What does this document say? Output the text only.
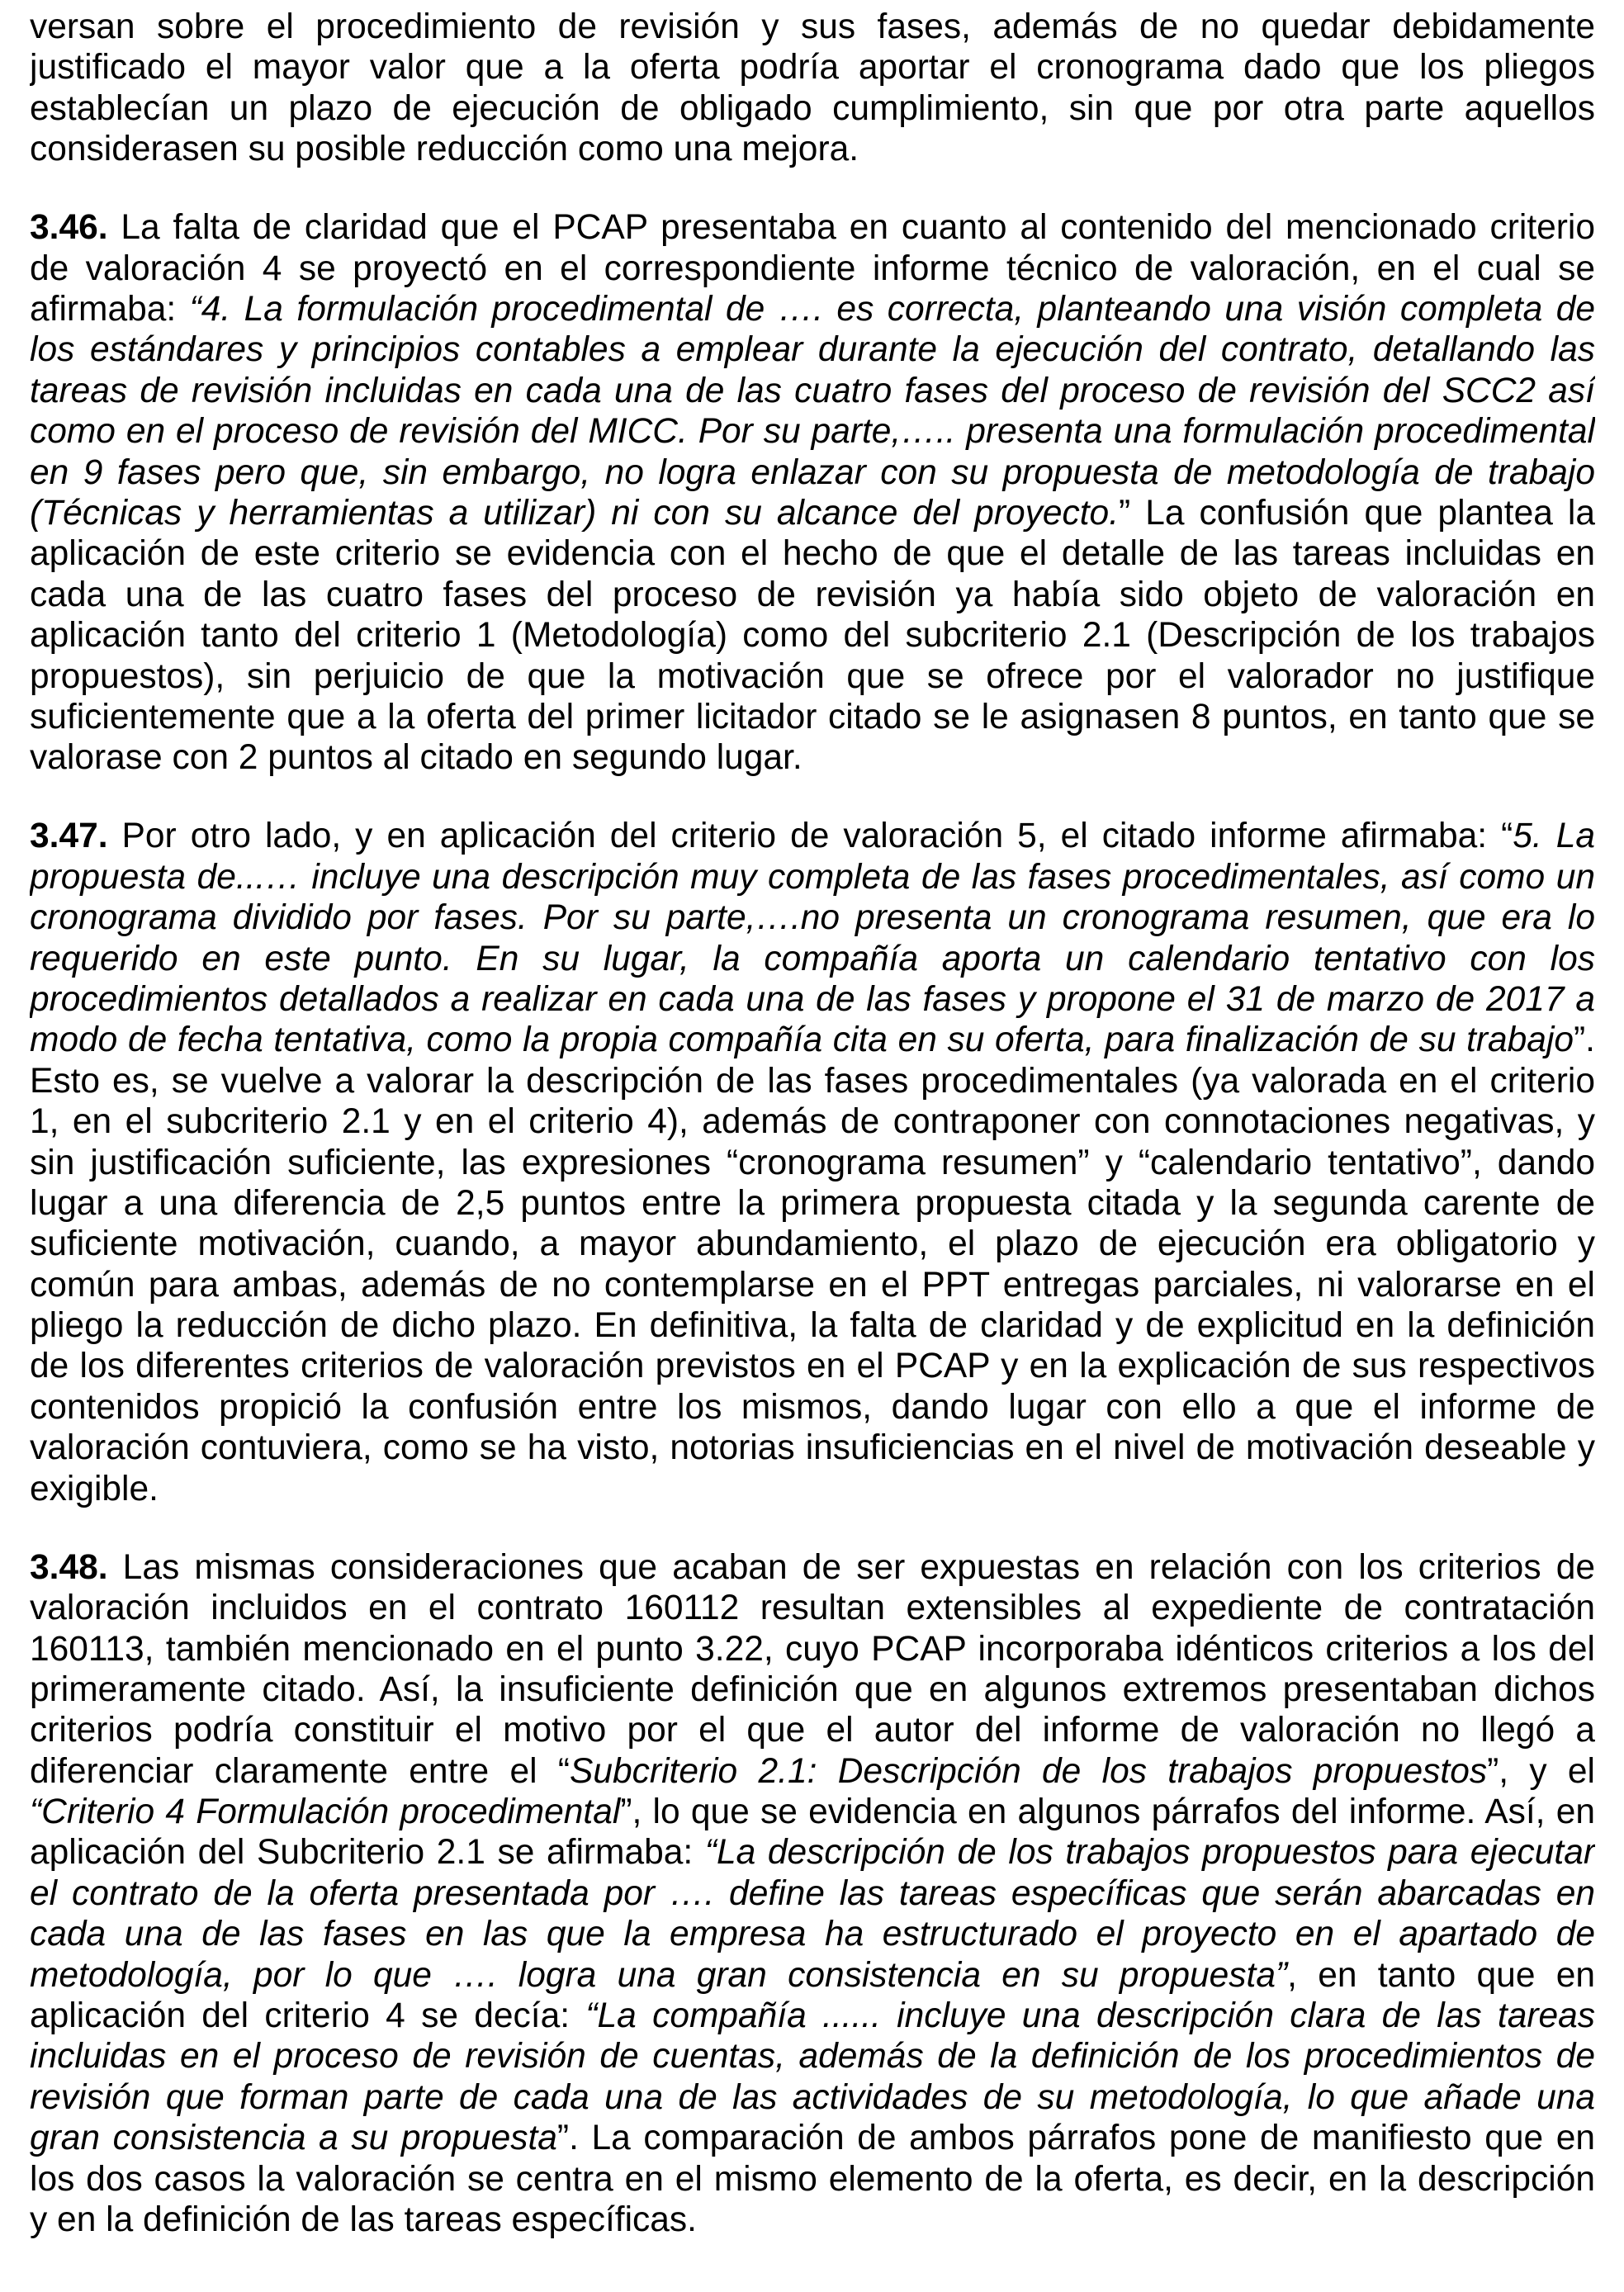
versan sobre el procedimiento de revisión y sus fases, además de no quedar debidamente
justificado el mayor valor que a la oferta podría aportar el cronograma dado que los pliegos
establecían un plazo de ejecución de obligado cumplimiento, sin que por otra parte aquellos
considerasen su posible reducción como una mejora.
3.46. La falta de claridad que el PCAP presentaba en cuanto al contenido del mencionado criterio
de valoración 4 se proyectó en el correspondiente informe técnico de valoración, en el cual se
afirmaba: “4. La formulación procedimental de …. es correcta, planteando una visión completa de
los estándares y principios contables a emplear durante la ejecución del contrato, detallando las
tareas de revisión incluidas en cada una de las cuatro fases del proceso de revisión del SCC2 así
como en el proceso de revisión del MICC. Por su parte,….. presenta una formulación procedimental
en 9 fases pero que, sin embargo, no logra enlazar con su propuesta de metodología de trabajo
(Técnicas y herramientas a utilizar) ni con su alcance del proyecto.” La confusión que plantea la
aplicación de este criterio se evidencia con el hecho de que el detalle de las tareas incluidas en
cada una de las cuatro fases del proceso de revisión ya había sido objeto de valoración en
aplicación tanto del criterio 1 (Metodología) como del subcriterio 2.1 (Descripción de los trabajos
propuestos), sin perjuicio de que la motivación que se ofrece por el valorador no justifique
suficientemente que a la oferta del primer licitador citado se le asignasen 8 puntos, en tanto que se
valorase con 2 puntos al citado en segundo lugar.
3.47. Por otro lado, y en aplicación del criterio de valoración 5, el citado informe afirmaba: “5. La
propuesta de...… incluye una descripción muy completa de las fases procedimentales, así como un
cronograma dividido por fases. Por su parte,….no presenta un cronograma resumen, que era lo
requerido en este punto. En su lugar, la compañía aporta un calendario tentativo con los
procedimientos detallados a realizar en cada una de las fases y propone el 31 de marzo de 2017 a
modo de fecha tentativa, como la propia compañía cita en su oferta, para finalización de su trabajo”.
Esto es, se vuelve a valorar la descripción de las fases procedimentales (ya valorada en el criterio
1, en el subcriterio 2.1 y en el criterio 4), además de contraponer con connotaciones negativas, y
sin justificación suficiente, las expresiones “cronograma resumen” y “calendario tentativo”, dando
lugar a una diferencia de 2,5 puntos entre la primera propuesta citada y la segunda carente de
suficiente motivación, cuando, a mayor abundamiento, el plazo de ejecución era obligatorio y
común para ambas, además de no contemplarse en el PPT entregas parciales, ni valorarse en el
pliego la reducción de dicho plazo. En definitiva, la falta de claridad y de explicitud en la definición
de los diferentes criterios de valoración previstos en el PCAP y en la explicación de sus respectivos
contenidos propició la confusión entre los mismos, dando lugar con ello a que el informe de
valoración contuviera, como se ha visto, notorias insuficiencias en el nivel de motivación deseable y
exigible.
3.48. Las mismas consideraciones que acaban de ser expuestas en relación con los criterios de
valoración incluidos en el contrato 160112 resultan extensibles al expediente de contratación
160113, también mencionado en el punto 3.22, cuyo PCAP incorporaba idénticos criterios a los del
primeramente citado. Así, la insuficiente definición que en algunos extremos presentaban dichos
criterios podría constituir el motivo por el que el autor del informe de valoración no llegó a
diferenciar claramente entre el “Subcriterio 2.1: Descripción de los trabajos propuestos”, y el
“Criterio 4 Formulación procedimental”, lo que se evidencia en algunos párrafos del informe. Así, en
aplicación del Subcriterio 2.1 se afirmaba: “La descripción de los trabajos propuestos para ejecutar
el contrato de la oferta presentada por …. define las tareas específicas que serán abarcadas en
cada una de las fases en las que la empresa ha estructurado el proyecto en el apartado de
metodología, por lo que …. logra una gran consistencia en su propuesta”, en tanto que en
aplicación del criterio 4 se decía: “La compañía ...... incluye una descripción clara de las tareas
incluidas en el proceso de revisión de cuentas, además de la definición de los procedimientos de
revisión que forman parte de cada una de las actividades de su metodología, lo que añade una
gran consistencia a su propuesta”. La comparación de ambos párrafos pone de manifiesto que en
los dos casos la valoración se centra en el mismo elemento de la oferta, es decir, en la descripción
y en la definición de las tareas específicas.
